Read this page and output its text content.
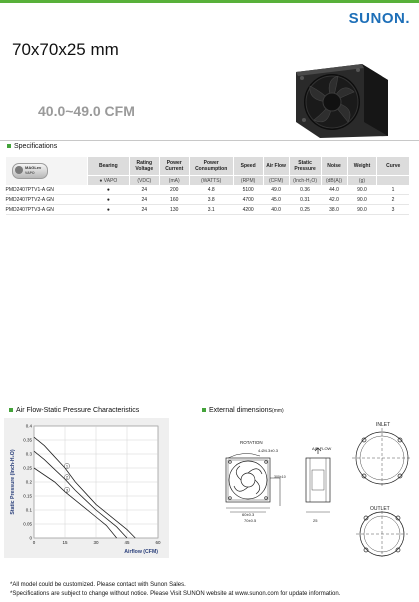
SUNON.
70x70x25 mm
40.0~49.0 CFM
Specifications
MAGLev
VAPO	Bearing	Rating Voltage	Power Current	Power Consumption	Speed	Air Flow	Static Pressure	Noise	Weight	Curve
	● VAPO	(VDC)	(mA)	(WATTS)	(RPM)	(CFM)	(Inch-H₂O)	(dB(A))	(g)	
PMD2407PTV1-A GN	●	24	200	4.8	5100	49.0	0.36	44.0	90.0	1
PMD2407PTV2-A GN	●	24	160	3.8	4700	45.0	0.31	42.0	90.0	2
PMD2407PTV3-A GN	●	24	130	3.1	4200	40.0	0.25	38.0	90.0	3
Air Flow-Static Pressure Characteristics
1
2
3
0
0.05
0.1
0.15
0.2
0.25
0.3
0.35
0.4
0	15	30	45	60
Static Pressure (Inch-H₂O)
Airflow (CFM)
External dimensions(mm)
ROTATION
4-Ø4.3±0.3	AIR FLOW
INLET
OUTLET
60±0.3
70±0.5	25
300±10
*All model could be customized. Please contact with Sunon Sales.
*Specifications are subject to change without notice. Please Visit SUNON website at www.sunon.com for update information.
